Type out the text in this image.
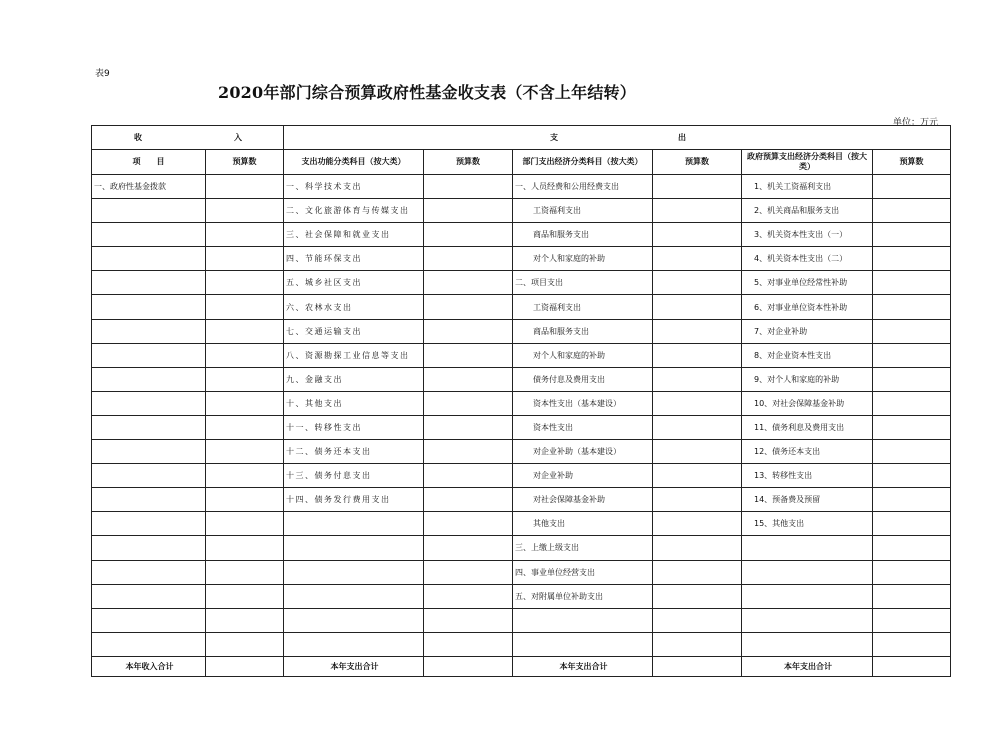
表9
2020年部门综合预算政府性基金收支表（不含上年结转）
单位：万元
收 入		支 出					
项　　目	预算数	支出功能分类科目（按大类）	预算数	部门支出经济分类科目（按大类）	预算数	政府预算支出经济分类科目（按大类）	预算数
一、政府性基金拨款		一、科学技术支出		一、人员经费和公用经费支出		1、机关工资福利支出	
		二、文化旅游体育与传媒支出		工资福利支出		2、机关商品和服务支出	
		三、社会保障和就业支出		商品和服务支出		3、机关资本性支出（一）	
		四、节能环保支出		对个人和家庭的补助		4、机关资本性支出（二）	
		五、城乡社区支出		二、项目支出		5、对事业单位经常性补助	
		六、农林水支出		工资福利支出		6、对事业单位资本性补助	
		七、交通运输支出		商品和服务支出		7、对企业补助	
		八、资源勘探工业信息等支出		对个人和家庭的补助		8、对企业资本性支出	
		九、金融支出		债务付息及费用支出		9、对个人和家庭的补助	
		十、其他支出		资本性支出（基本建设）		10、对社会保障基金补助	
		十一、转移性支出		资本性支出		11、债务利息及费用支出	
		十二、债务还本支出		对企业补助（基本建设）		12、债务还本支出	
		十三、债务付息支出		对企业补助		13、转移性支出	
		十四、债务发行费用支出		对社会保障基金补助		14、预备费及预留	
				其他支出		15、其他支出	
				三、上缴上级支出			
				四、事业单位经营支出			
				五、对附属单位补助支出			

本年收入合计		本年支出合计		本年支出合计		本年支出合计	
